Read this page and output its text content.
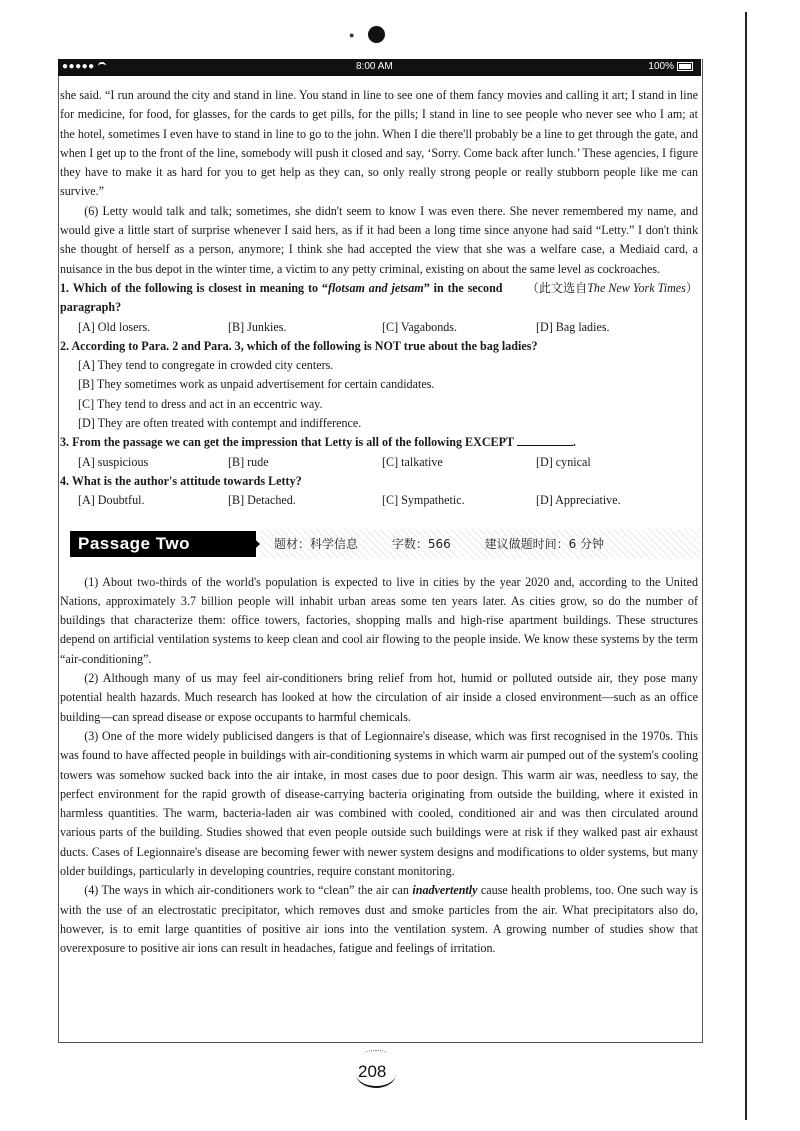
●
●●●●●	8:00 AM	100%

she said. “I run around the city and stand in line. You stand in line to see one of them fancy movies and calling it art; I stand in line for medicine, for food, for glasses, for the cards to get pills, for the pills; I stand in line to see people who never see who I am; at the hotel, sometimes I even have to stand in line to go to the john. When I die there'll probably be a line to get through the gate, and when I get up to the front of the line, somebody will push it closed and say, ‘Sorry. Come back after lunch.’ These agencies, I figure they have to make it as hard for you to get help as they can, so only really strong people or really stubborn people like me can survive.”

(6) Letty would talk and talk; sometimes, she didn't seem to know I was even there. She never remembered my name, and would give a little start of surprise whenever I said hers, as if it had been a long time since anyone had said “Letty.” I don't think she thought of herself as a person, anymore; I think she had accepted the view that she was a welfare case, a Mediaid card, a nuisance in the bus depot in the winter time, a victim to any petty criminal, existing on about the same level as cockroaches.
（此文选自The New York Times）

1. Which of the following is closest in meaning to “flotsam and jetsam” in the second paragraph?

[A] Old losers.	[B] Junkies.	[C] Vagabonds.	[D] Bag ladies.

2. According to Para. 2 and Para. 3, which of the following is NOT true about the bag ladies?

[A] They tend to congregate in crowded city centers.
[B] They sometimes work as unpaid advertisement for certain candidates.
[C] They tend to dress and act in an eccentric way.
[D] They are often treated with contempt and indifference.

3. From the passage we can get the impression that Letty is all of the following EXCEPT	.

[A] suspicious	[B] rude	[C] talkative	[D] cynical

4. What is the author's attitude towards Letty?

[A] Doubtful.	[B] Detached.	[C] Sympathetic.	[D] Appreciative.
Passage Two	题材：科学信息	字数：566	建议做题时间：6 分钟

(1) About two-thirds of the world's population is expected to live in cities by the year 2020 and, according to the United Nations, approximately 3.7 billion people will inhabit urban areas some ten years later. As cities grow, so do the number of buildings that characterize them: office towers, factories, shopping malls and high-rise apartment buildings. These structures depend on artificial ventilation systems to keep clean and cool air flowing to the people inside. We know these systems by the term “air-conditioning”.

(2) Although many of us may feel air-conditioners bring relief from hot, humid or polluted outside air, they pose many potential health hazards. Much research has looked at how the circulation of air inside a closed environment—such as an office building—can spread disease or expose occupants to harmful chemicals.

(3) One of the more widely publicised dangers is that of Legionnaire's disease, which was first recognised in the 1970s. This was found to have affected people in buildings with air-conditioning systems in which warm air pumped out of the system's cooling towers was somehow sucked back into the air intake, in most cases due to poor design. This warm air was, needless to say, the perfect environment for the rapid growth of disease-carrying bacteria originating from outside the building, where it existed in harmless quantities. The warm, bacteria-laden air was combined with cooled, conditioned air and was then circulated around various parts of the building. Studies showed that even people outside such buildings were at risk if they walked past air exhaust ducts. Cases of Legionnaire's disease are becoming fewer with newer system designs and modifications to older systems, but many older buildings, particularly in developing countries, require constant monitoring.

(4) The ways in which air-conditioners work to “clean” the air can inadvertently cause health problems, too. One such way is with the use of an electrostatic precipitator, which removes dust and smoke particles from the air. What precipitators also do, however, is to emit large quantities of positive air ions into the ventilation system. A growing number of studies show that overexposure to positive air ions can result in headaches, fatigue and feelings of irritation.

208
